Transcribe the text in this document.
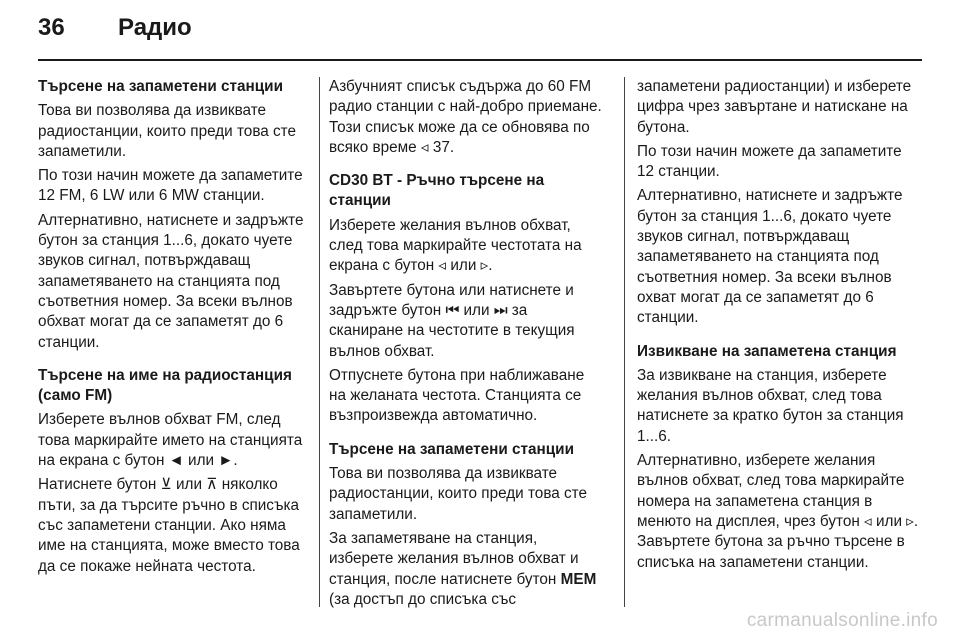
36	Радио

Търсене на запаметени станции

Това ви позволява да извиквате радиостанции, които преди това сте запаметили.

По този начин можете да запаметите 12 FM, 6 LW или 6 MW станции.

Алтернативно, натиснете и задръжте бутон за станция 1...6, докато чуете звуков сигнал, потвърждаващ запаметяването на станцията под съответния номер. За всеки вълнов обхват могат да се запаметят до 6 станции.

Търсене на име на радиостанция (само FM)

Изберете вълнов обхват FM, след това маркирайте името на станцията на екрана с бутон ◄ или ►.

Натиснете бутон ⊻ или ⊼ няколко пъти, за да търсите ръчно в списъка със запаметени станции. Ако няма име на станцията, може вместо това да се покаже нейната честота.

Азбучният списък съдържа до 60 FM радио станции с най-добро приемане. Този списък може да се обновява по всяко време ◃ 37.

CD30 BT - Ръчно търсене на станции

Изберете желания вълнов обхват, след това маркирайте честотата на екрана с бутон ◃ или ▹.

Завъртете бутона или натиснете и задръжте бутон ⏮ или ⏭ за сканиране на честотите в текущия вълнов обхват.

Отпуснете бутона при наближаване на желаната честота. Станцията се възпроизвежда автоматично.

Търсене на запаметени станции

Това ви позволява да извиквате радиостанции, които преди това сте запаметили.

За запаметяване на станция, изберете желания вълнов обхват и станция, после натиснете бутон MEM (за достъп до списъка със

запаметени радиостанции) и изберете цифра чрез завъртане и натискане на бутона.

По този начин можете да запаметите 12 станции.

Алтернативно, натиснете и задръжте бутон за станция 1...6, докато чуете звуков сигнал, потвърждаващ запаметяването на станцията под съответния номер. За всеки вълнов охват могат да се запаметят до 6 станции.

Извикване на запаметена станция

За извикване на станция, изберете желания вълнов обхват, след това натиснете за кратко бутон за станция 1...6.

Алтернативно, изберете желания вълнов обхват, след това маркирайте номера на запаметена станция в менюто на дисплея, чрез бутон ◃ или ▹. Завъртете бутона за ръчно търсене в списъка на запаметени станции.

carmanualsonline.info
